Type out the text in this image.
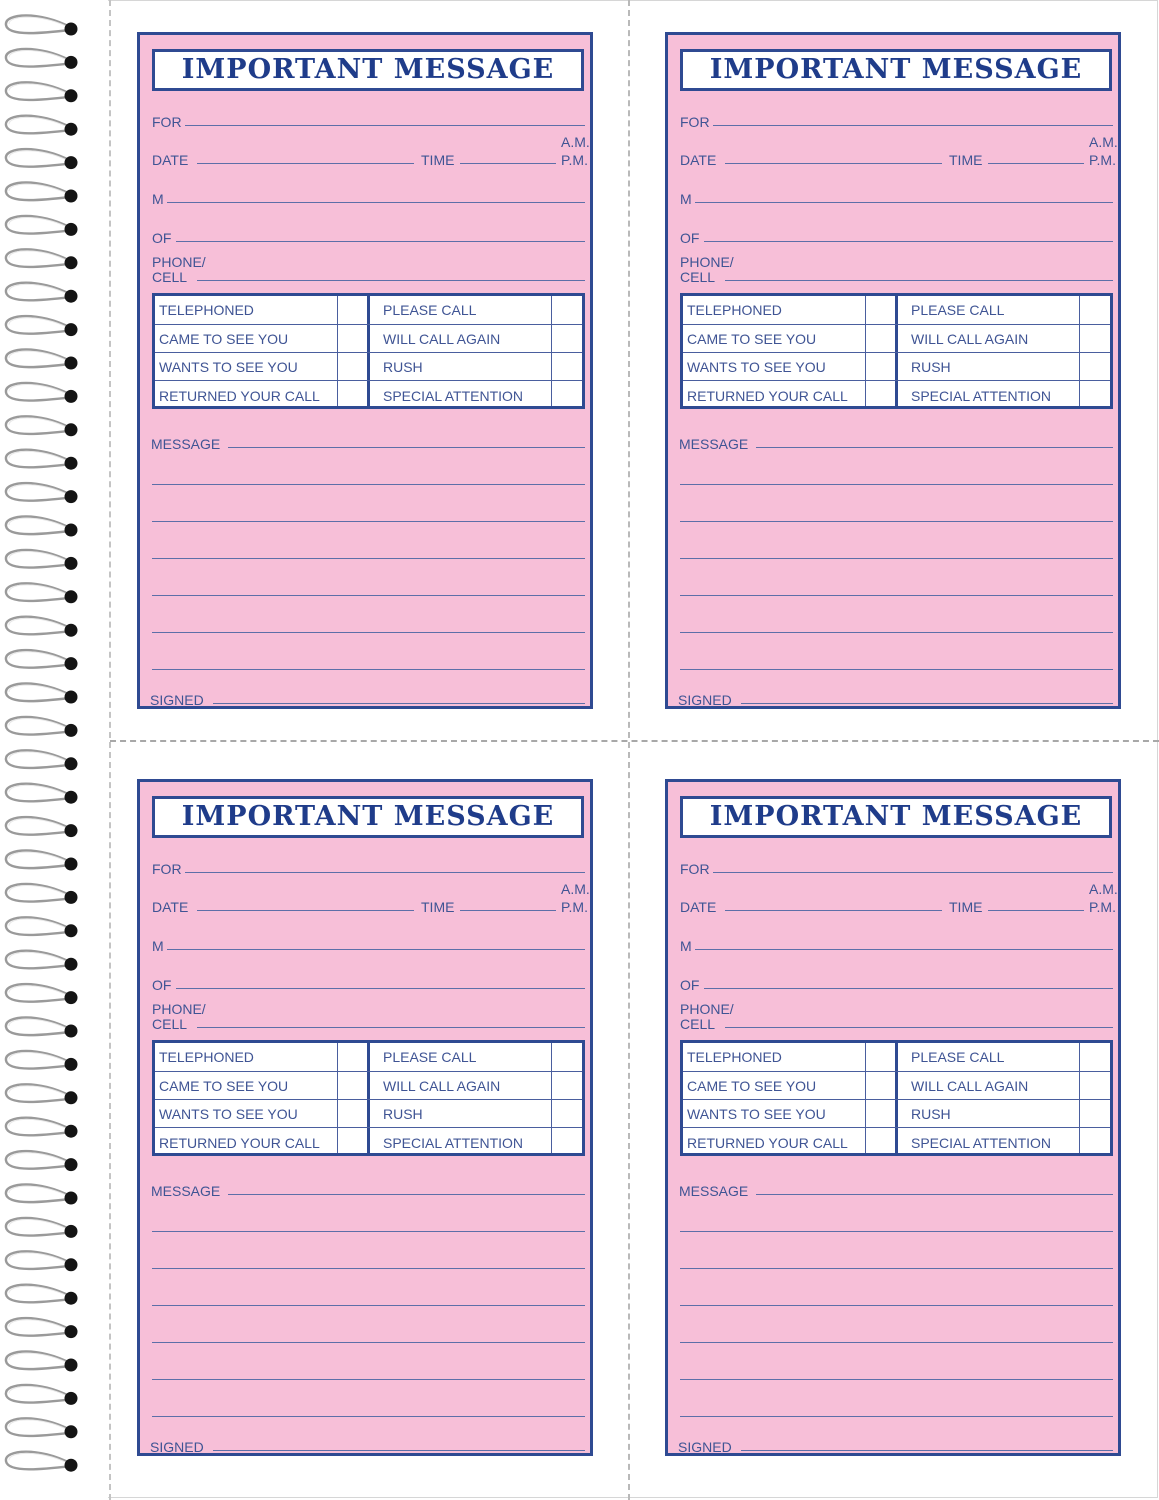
IMPORTANT MESSAGE
FOR
DATE	TIME
A.M.
P.M.
M
OF
PHONE/
CELL
MESSAGE
SIGNED
TELEPHONED	PLEASE CALL
CAME TO SEE YOU	WILL CALL AGAIN
WANTS TO SEE YOU	RUSH
RETURNED YOUR CALL	SPECIAL ATTENTION
IMPORTANT MESSAGE
FOR
DATE	TIME
A.M.
P.M.
M
OF
PHONE/
CELL
MESSAGE
SIGNED
TELEPHONED	PLEASE CALL
CAME TO SEE YOU	WILL CALL AGAIN
WANTS TO SEE YOU	RUSH
RETURNED YOUR CALL	SPECIAL ATTENTION
IMPORTANT MESSAGE
FOR
DATE	TIME
A.M.
P.M.
M
OF
PHONE/
CELL
MESSAGE
SIGNED
TELEPHONED	PLEASE CALL
CAME TO SEE YOU	WILL CALL AGAIN
WANTS TO SEE YOU	RUSH
RETURNED YOUR CALL	SPECIAL ATTENTION
IMPORTANT MESSAGE
FOR
DATE	TIME
A.M.
P.M.
M
OF
PHONE/
CELL
MESSAGE
SIGNED
TELEPHONED	PLEASE CALL
CAME TO SEE YOU	WILL CALL AGAIN
WANTS TO SEE YOU	RUSH
RETURNED YOUR CALL	SPECIAL ATTENTION
